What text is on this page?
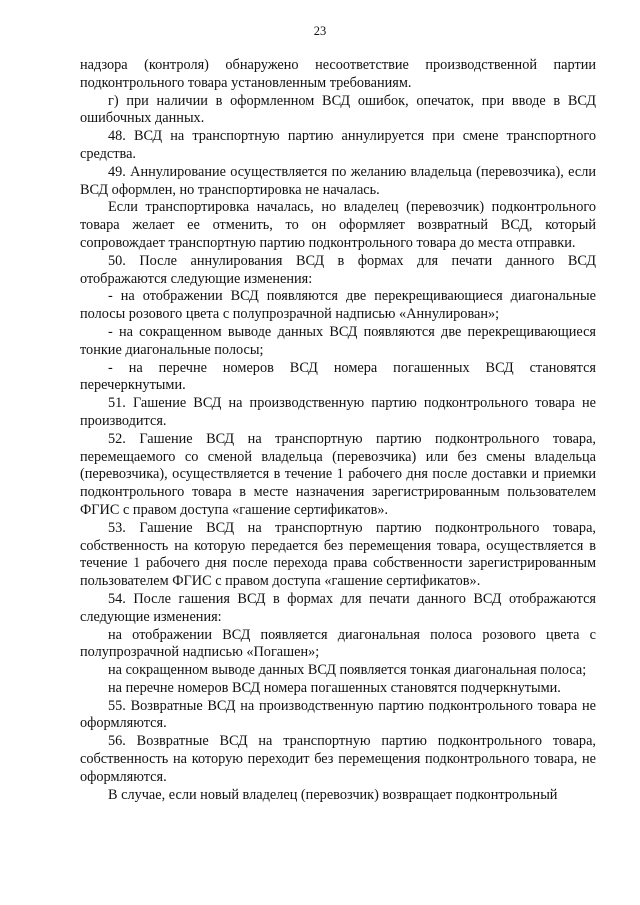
23

надзора (контроля) обнаружено несоответствие производственной партии подконтрольного товара установленным требованиям.

г) при наличии в оформленном ВСД ошибок, опечаток, при вводе в ВСД ошибочных данных.

48. ВСД на транспортную партию аннулируется при смене транспортного средства.

49. Аннулирование осуществляется по желанию владельца (перевозчика), если ВСД оформлен, но транспортировка не началась.

Если транспортировка началась, но владелец (перевозчик) подконтрольного товара желает ее отменить, то он оформляет возвратный ВСД, который сопровождает транспортную партию подконтрольного товара до места отправки.

50. После аннулирования ВСД в формах для печати данного ВСД отображаются следующие изменения:

- на отображении ВСД появляются две перекрещивающиеся диагональные полосы розового цвета с полупрозрачной надписью «Аннулирован»;

- на сокращенном выводе данных ВСД появляются две перекрещивающиеся тонкие диагональные полосы;

- на перечне номеров ВСД номера погашенных ВСД становятся перечеркнутыми.

51. Гашение ВСД на производственную партию подконтрольного товара не производится.

52. Гашение ВСД на транспортную партию подконтрольного товара, перемещаемого со сменой владельца (перевозчика) или без смены владельца (перевозчика), осуществляется в течение 1 рабочего дня после доставки и приемки подконтрольного товара в месте назначения зарегистрированным пользователем ФГИС с правом доступа «гашение сертификатов».

53. Гашение ВСД на транспортную партию подконтрольного товара, собственность на которую передается без перемещения товара, осуществляется в течение 1 рабочего дня после перехода права собственности зарегистрированным пользователем ФГИС с правом доступа «гашение сертификатов».

54. После гашения ВСД в формах для печати данного ВСД отображаются следующие изменения:

на отображении ВСД появляется диагональная полоса розового цвета с полупрозрачной надписью «Погашен»;

на сокращенном выводе данных ВСД появляется тонкая диагональная полоса;

на перечне номеров ВСД номера погашенных становятся подчеркнутыми.

55. Возвратные ВСД на производственную партию подконтрольного товара не оформляются.

56. Возвратные ВСД на транспортную партию подконтрольного товара, собственность на которую переходит без перемещения подконтрольного товара, не оформляются.

В случае, если новый владелец (перевозчик) возвращает подконтрольный
